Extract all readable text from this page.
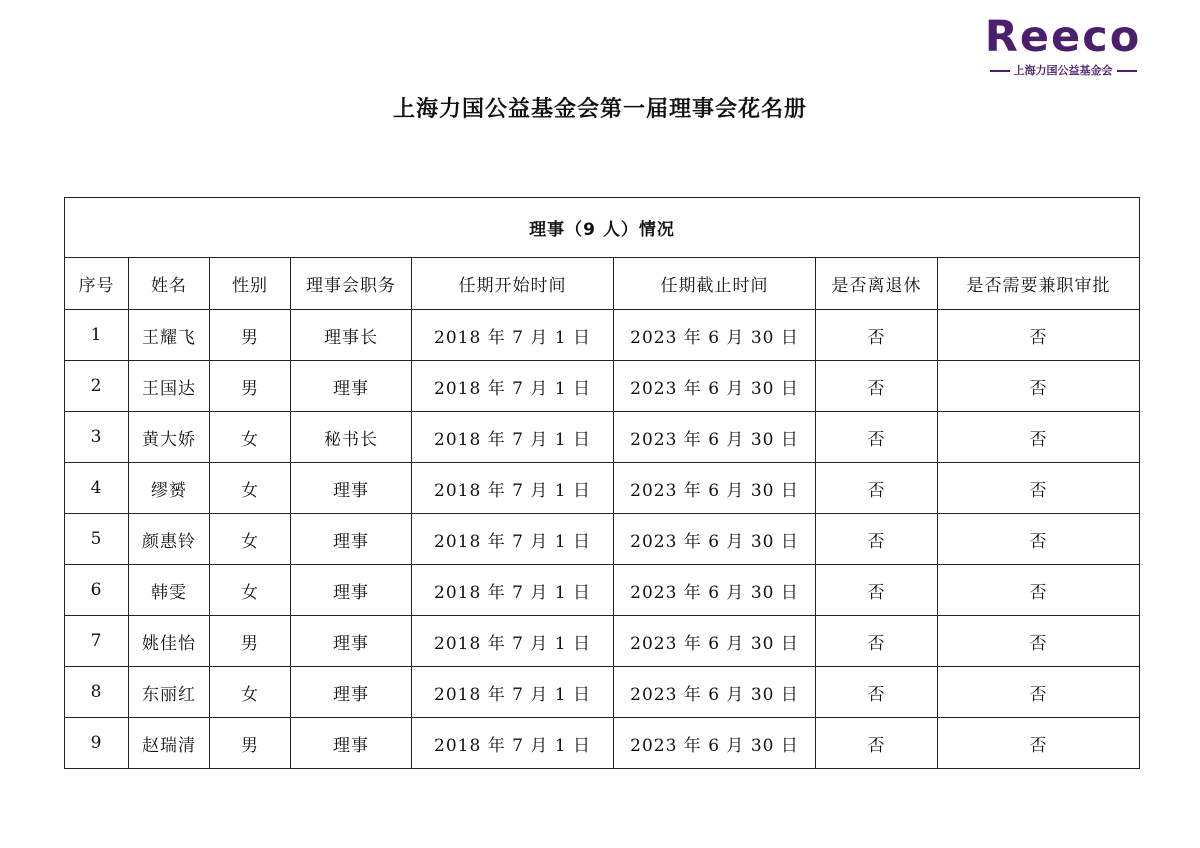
Reeco
上海力国公益基金会
上海力国公益基金会第一届理事会花名册
理事（9 人）情况							
序号	姓名	性别	理事会职务	任期开始时间	任期截止时间	是否离退休	是否需要兼职审批
1	王耀飞	男	理事长	2018 年 7 月 1 日	2023 年 6 月 30 日	否	否
2	王国达	男	理事	2018 年 7 月 1 日	2023 年 6 月 30 日	否	否
3	黄大娇	女	秘书长	2018 年 7 月 1 日	2023 年 6 月 30 日	否	否
4	缪赟	女	理事	2018 年 7 月 1 日	2023 年 6 月 30 日	否	否
5	颜惠铃	女	理事	2018 年 7 月 1 日	2023 年 6 月 30 日	否	否
6	韩雯	女	理事	2018 年 7 月 1 日	2023 年 6 月 30 日	否	否
7	姚佳怡	男	理事	2018 年 7 月 1 日	2023 年 6 月 30 日	否	否
8	东丽红	女	理事	2018 年 7 月 1 日	2023 年 6 月 30 日	否	否
9	赵瑞清	男	理事	2018 年 7 月 1 日	2023 年 6 月 30 日	否	否
